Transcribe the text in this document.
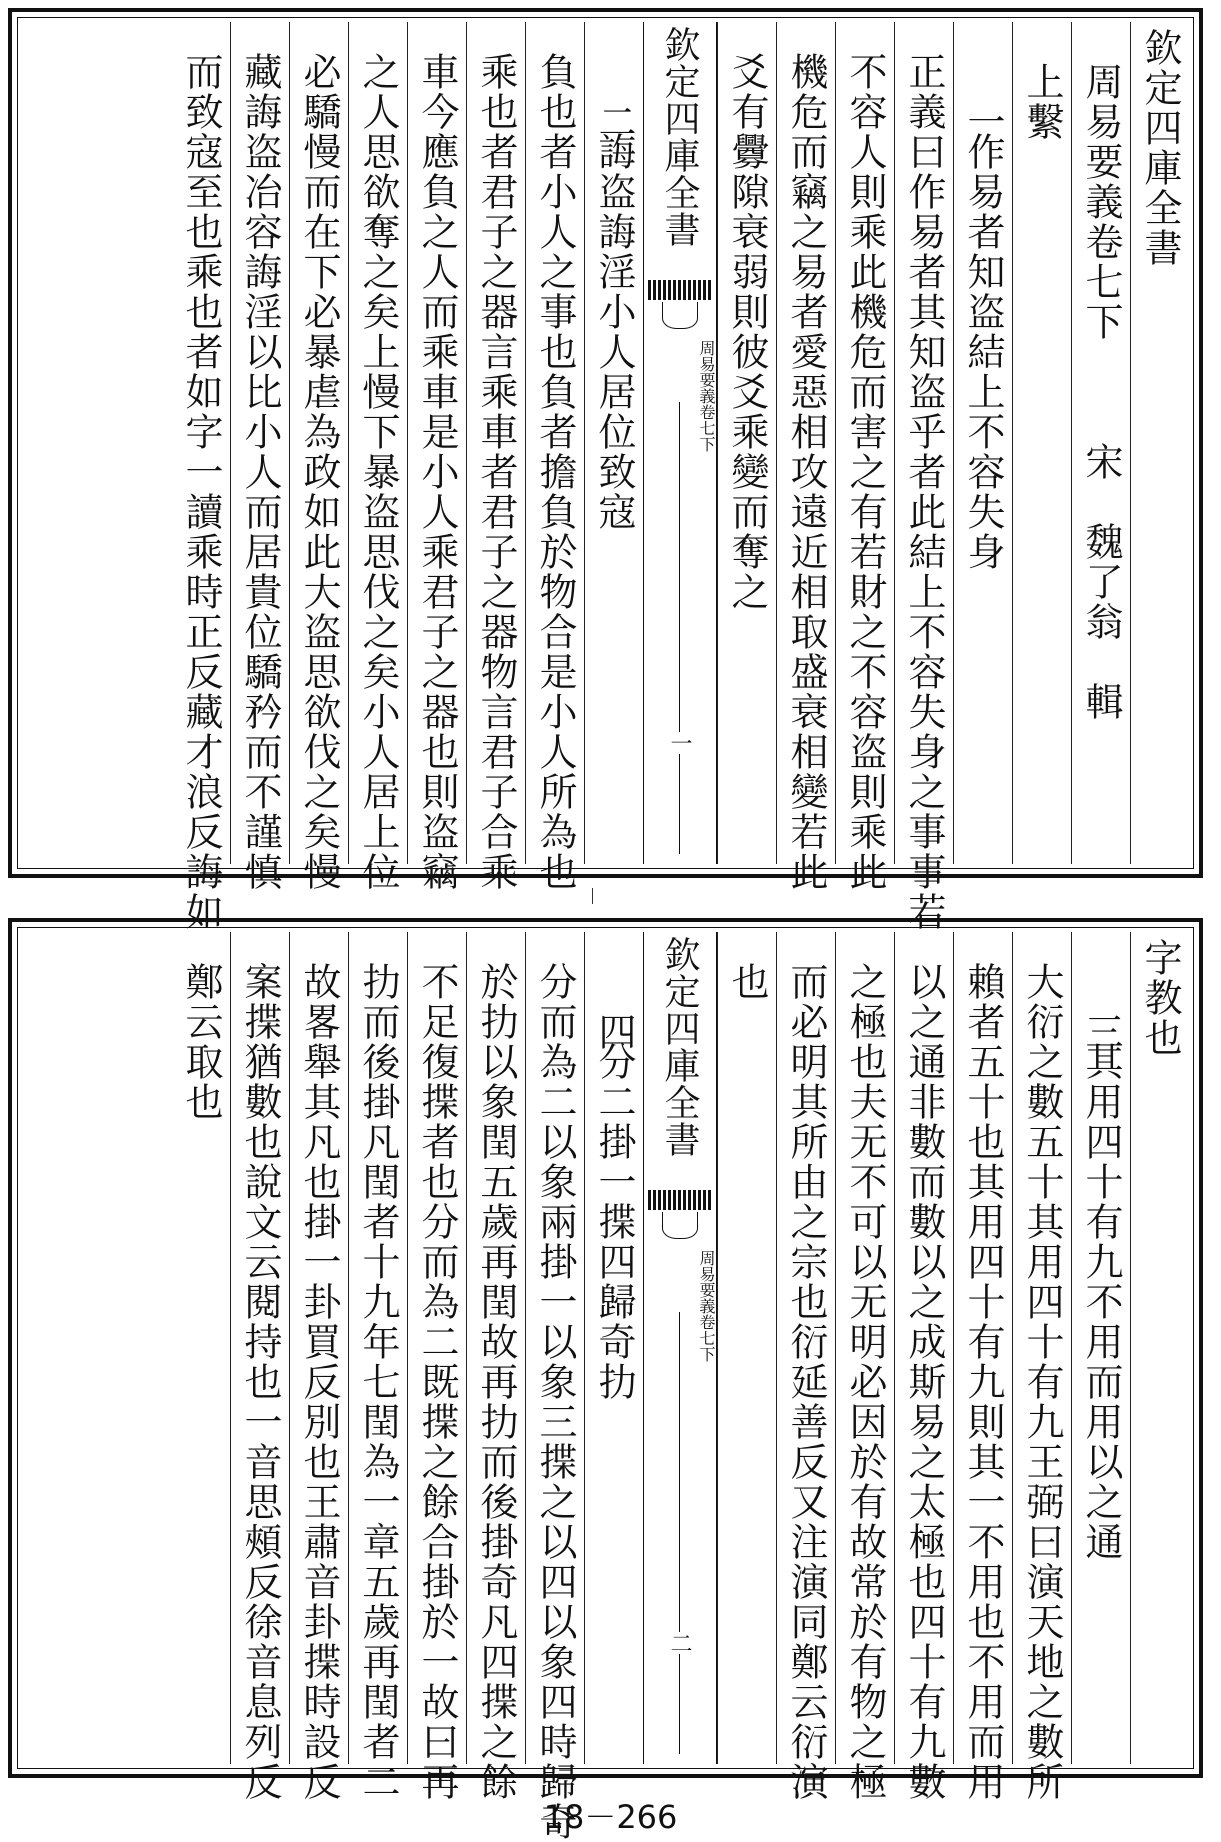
欽定四庫全書
周易要義卷七下
宋　魏了翁　輯
上繫
一
作易者知盗結上不容失身
正義曰作易者其知盗乎者此結上不容失身之事事若
不容人則乘此機危而害之有若財之不容盗則乘此
機危而竊之易者愛惡相攻遠近相取盛衰相變若此
爻有釁隙衰弱則彼爻乘變而奪之
欽定四庫全書
周易要義
卷七下
一
二
誨盗誨淫小人居位致寇
負也者小人之事也負者擔負於物合是小人所為也
乘也者君子之器言乘車者君子之器物言君子合乘
車今應負之人而乘車是小人乘君子之器也則盗竊
之人思欲奪之矣上慢下暴盗思伐之矣小人居上位
必驕慢而在下必暴虐為政如此大盗思欲伐之矣慢
藏誨盗冶容誨淫以比小人而居貴位驕矜而不謹慎
而致寇至也乘也者如字一讀乘時正反藏才浪反誨如
字教也
三
其用四十有九不用而用以之通
大衍之數五十其用四十有九王弼曰演天地之數所
賴者五十也其用四十有九則其一不用也不用而用
以之通非數而數以之成斯易之太極也四十有九數
之極也夫无不可以无明必因於有故常於有物之極
而必明其所由之宗也衍延善反又注演同鄭云衍演
也
欽定四庫全書
周易要義
卷七下
二
四
分二掛一揲四歸奇扐
分而為二以象兩掛一以象三揲之以四以象四時歸奇
於扐以象閏五歲再閏故再扐而後掛奇凡四揲之餘
不足復揲者也分而為二既揲之餘合掛於一故曰再
扐而後掛凡閏者十九年七閏為一章五歲再閏者二
故畧舉其凡也掛一卦買反別也王肅音卦揲時設反
案揲猶數也說文云閱持也一音思頰反徐音息列反
鄭云取也
18－266
